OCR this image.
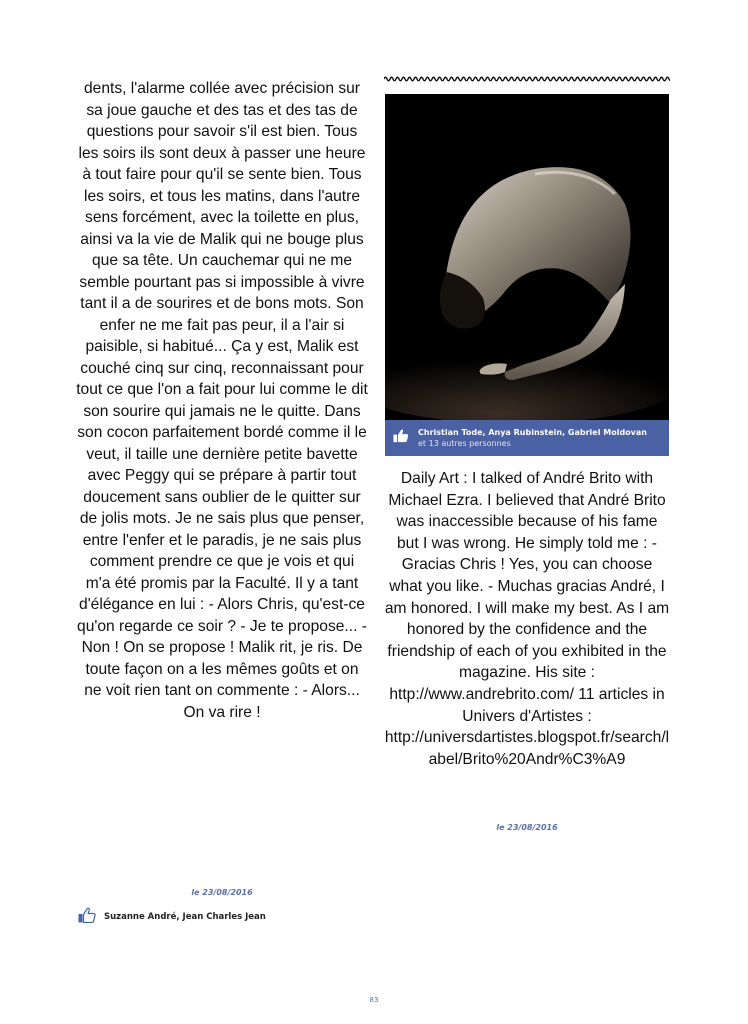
dents, l'alarme collée avec précision sur sa joue gauche et des tas et des tas de questions pour savoir s'il est bien. Tous les soirs ils sont deux à passer une heure à tout faire pour qu'il se sente bien. Tous les soirs, et tous les matins, dans l'autre sens forcément, avec la toilette en plus, ainsi va la vie de Malik qui ne bouge plus que sa tête. Un cauchemar qui ne me semble pourtant pas si impossible à vivre tant il a de sourires et de bons mots. Son enfer ne me fait pas peur, il a l'air si paisible, si habitué... Ça y est, Malik est couché cinq sur cinq, reconnaissant pour tout ce que l'on a fait pour lui comme le dit son sourire qui jamais ne le quitte. Dans son cocon parfaitement bordé comme il le veut, il taille une dernière petite bavette avec Peggy qui se prépare à partir tout doucement sans oublier de le quitter sur de jolis mots. Je ne sais plus que penser, entre l'enfer et le paradis, je ne sais plus comment prendre ce que je vois et qui m'a été promis par la Faculté. Il y a tant d'élégance en lui : - Alors Chris, qu'est-ce qu'on regarde ce soir ? - Je te propose... - Non ! On se propose ! Malik rit, je ris. De toute façon on a les mêmes goûts et on ne voit rien tant on commente : - Alors... On va rire !

le 23/08/2016
Suzanne André, Jean Charles Jean
Christian Tode, Anya Rubinstein, Gabriel Moldovan
et 13 autres personnes

Daily Art : I talked of André Brito with Michael Ezra. I believed that André Brito was inaccessible because of his fame but I was wrong. He simply told me : - Gracias Chris ! Yes, you can choose what you like. - Muchas gracias André, I am honored. I will make my best. As I am honored by the confidence and the friendship of each of you exhibited in the magazine. His site : http://www.andrebrito.com/ 11 articles in Univers d'Artistes : http://universdartistes.blogspot.fr/search/label/Brito%20Andr%C3%A9

le 23/08/2016
83
